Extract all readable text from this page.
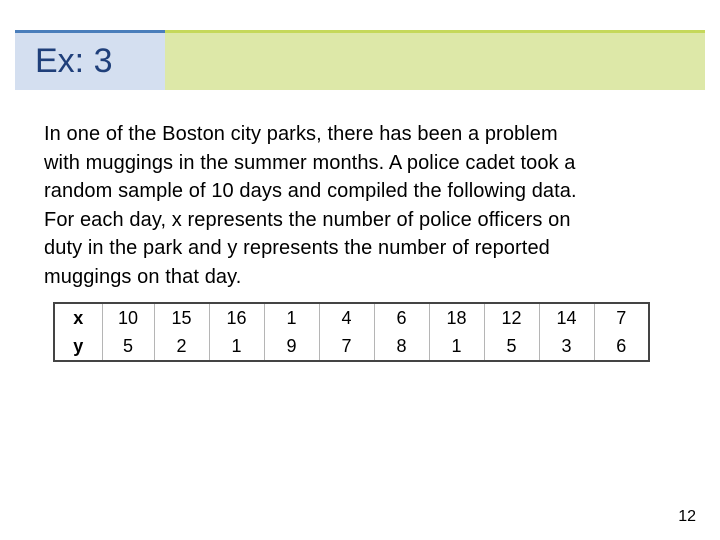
Ex: 3
In one of the Boston city parks, there has been a problem
with muggings in the summer months. A police cadet took a
random sample of 10 days and compiled the following data.
For each day, x represents the number of police officers on
duty in the park and y represents the number of reported
muggings on that day.
x	10	15	16	1	4	6	18	12	14	7
y	5	2	1	9	7	8	1	5	3	6
12
